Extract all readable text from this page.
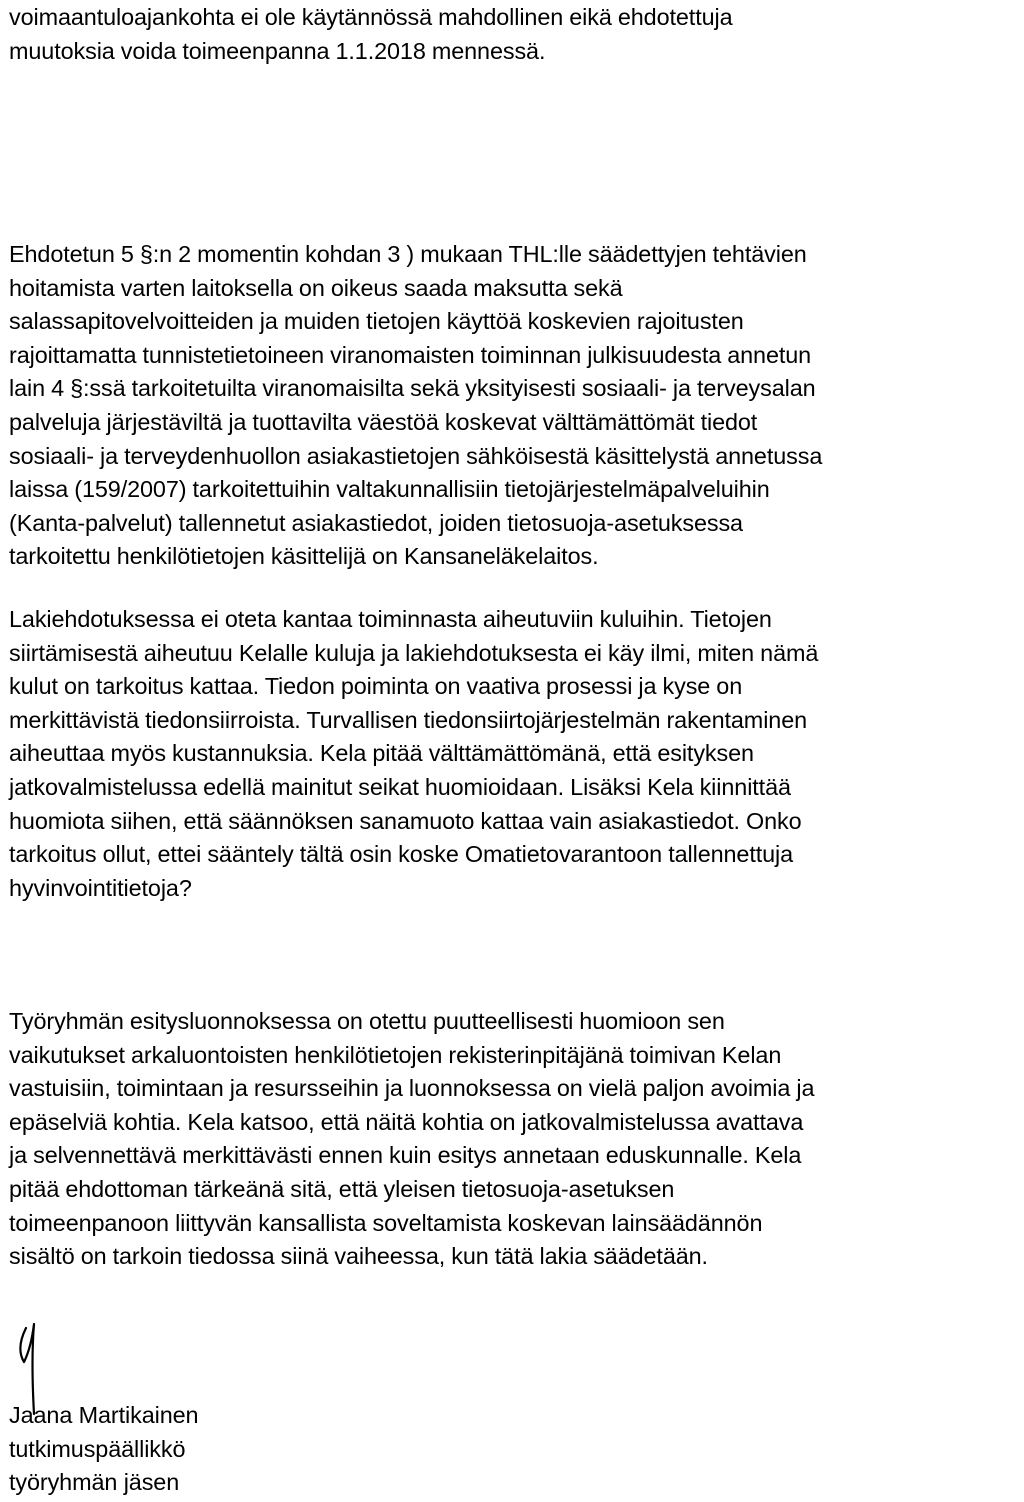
voimaantuloajankohta ei ole käytännössä mahdollinen eikä ehdotettuja
muutoksia voida toimeenpanna 1.1.2018 mennessä.

Ehdotetun 5 §:n 2 momentin kohdan 3 ) mukaan THL:lle säädettyjen tehtävien
hoitamista varten laitoksella on oikeus saada maksutta sekä
salassapitovelvoitteiden ja muiden tietojen käyttöä koskevien rajoitusten
rajoittamatta tunnistetietoineen viranomaisten toiminnan julkisuudesta annetun
lain 4 §:ssä tarkoitetuilta viranomaisilta sekä yksityisesti sosiaali- ja terveysalan
palveluja järjestäviltä ja tuottavilta väestöä koskevat välttämättömät tiedot
sosiaali- ja terveydenhuollon asiakastietojen sähköisestä käsittelystä annetussa
laissa (159/2007) tarkoitettuihin valtakunnallisiin tietojärjestelmäpalveluihin
(Kanta-palvelut) tallennetut asiakastiedot, joiden tietosuoja-asetuksessa
tarkoitettu henkilötietojen käsittelijä on Kansaneläkelaitos.

Lakiehdotuksessa ei oteta kantaa toiminnasta aiheutuviin kuluihin. Tietojen
siirtämisestä aiheutuu Kelalle kuluja ja lakiehdotuksesta ei käy ilmi, miten nämä
kulut on tarkoitus kattaa. Tiedon poiminta on vaativa prosessi ja kyse on
merkittävistä tiedonsiirroista. Turvallisen tiedonsiirtojärjestelmän rakentaminen
aiheuttaa myös kustannuksia. Kela pitää välttämättömänä, että esityksen
jatkovalmistelussa edellä mainitut seikat huomioidaan. Lisäksi Kela kiinnittää
huomiota siihen, että säännöksen sanamuoto kattaa vain asiakastiedot. Onko
tarkoitus ollut, ettei sääntely tältä osin koske Omatietovarantoon tallennettuja
hyvinvointitietoja?

Työryhmän esitysluonnoksessa on otettu puutteellisesti huomioon sen
vaikutukset arkaluontoisten henkilötietojen rekisterinpitäjänä toimivan Kelan
vastuisiin, toimintaan ja resursseihin ja luonnoksessa on vielä paljon avoimia ja
epäselviä kohtia. Kela katsoo, että näitä kohtia on jatkovalmistelussa avattava
ja selvennettävä merkittävästi ennen kuin esitys annetaan eduskunnalle. Kela
pitää ehdottoman tärkeänä sitä, että yleisen tietosuoja-asetuksen
toimeenpanoon liittyvän kansallista soveltamista koskevan lainsäädännön
sisältö on tarkoin tiedossa siinä vaiheessa, kun tätä lakia säädetään.

Jaana Martikainen
tutkimuspäällikkö
työryhmän jäsen
